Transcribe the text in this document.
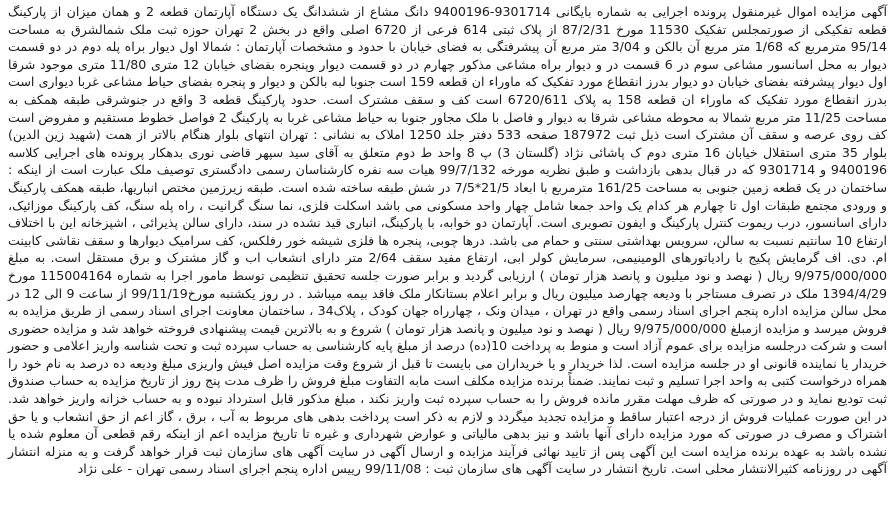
آگهی مزایده اموال غیرمنقول پرونده اجرایی به شماره بایگانی 9301714-9400196 دانگ مشاع از ششدانگ یک دستگاه آپارتمان قطعه 2 و همان میزان از پارکینگ قطعه تفکیکی از صورتمجلس تفکیک 11530 مورخ 87/2/31 از پلاک ثبتی 614 فرعی از 6720 اصلی واقع در بخش 2 تهران حوزه ثبت ملک شمالشرق به مساحت 95/14 مترمربع که 1/68 متر مربع آن بالکن و 3/04 متر مربع آن پیشرفتگی به فضای خیابان با حدود و مشخصات آپارتمان : شمالا اول دیوار براه پله دوم در دو قسمت دیوار به محل اسانسور مشاعی سوم در 6 قسمت در و دیوار براه مشاعی مذکور چهارم در دو قسمت دیوار وپنجره بفضای خیابان 12 متری 11/80 متری موجود شرقا اول دیوار پیشرفته بفضای خیابان دو دیوار بدرز انقطاع مورد تفکیک که ماوراء ان قطعه 159 است جنوبا لبه بالکن و دیوار و پنجره بفضای حیاط مشاعی غربا دیواری است بدرز انقطاع مورد تفکیک که ماوراء ان قطعه 158 به پلاک 6720/611 است کف و سقف مشترک است. حدود پارکینگ قطعه 3 واقع در جنوشرقی طبقه همکف به مساحت 11/25 متر مربع شمالا به محوطه مشاعی شرقا به دیوار و فاصل با ملک مجاور جنوبا به حیاط مشاعی غربا به پارکینگ 2 فواصل خطوط مستقیم و مفروض است کف روی عرصه و سقف آن مشترک است ذیل ثبت 187972 صفحه 533 دفتر جلد 1250 املاک به نشانی : تهران انتهای بلوار هنگام بالاتر از همت (شهید زین الدین) بلوار 35 متری استقلال خیابان 16 متری دوم ک پاشائی نژاد (گلستان 3) پ 8 واحد ط دوم متعلق به آقای سید سپهر قاضی نوری بدهکار پرونده های اجرایی کلاسه 9400196 و 9301714 که در قبال بدهی بازداشت و طبق نظریه مورخه 99/7/132 هیات سه نفره کارشناسان رسمی دادگستری توصیف ملک عبارت است از اینکه : ساختمان در یک قطعه زمین جنوبی به مساحت 161/25 مترمربع با ابعاد 21/5*7/5 در شش طبقه ساخته شده است. طبقه زیرزمین مختص انباریها، طبقه همکف پارکینگ و ورودی مجتمع طبقات اول تا چهارم هر کدام یک واحد جمعا شامل چهار واحد مسکونی می باشد اسکلت فلزی، نما سنگ گرانیت ، راه پله سنگ، کف پارکینگ موزائیک، دارای اسانسور، درب ریموت کنترل پارکینگ و ایفون تصویری است. آپارتمان دو خوابه، با پارکینگ، انباری قید نشده در سند، دارای سالن پذیرائی ، اشپزخانه این با اختلاف ارتفاع 10 سانتیم نسبت به سالن، سرویس بهداشتی سنتی و حمام می باشد. درها چوبی، پنجره ها فلزی شیشه خور رفلکس، کف سرامیک دیوارها و سقف نقاشی کابینت ام. دی. اف گرمایش پکیج با رادیاتورهای الومینیمی، سرمایش کولر ابی، ارتفاع مفید سقف 2/64 متر دارای انشعاب اب و گاز مشترک و برق مستقل است. به مبلغ 9/975/000/000 ریال ( نهصد و نود میلیون و پانصد هزار تومان ) ارزیابی گردید و برابر صورت جلسه تحقیق تنظیمی توسط مامور اجرا به شماره 115004164 مورخ 1394/4/29 ملک در تصرف مستاجر با ودیعه چهارصد میلیون ریال و برابر اعلام بستانکار ملک فاقد بیمه میباشد . در روز یکشنبه مورخ99/11/19 از ساعت 9 الی 12 در محل سالن مزایده اداره پنجم اجرای اسناد رسمی واقع در تهران ، میدان ونک ، چهارراه جهان کودک ، پلاک34 ، ساختمان معاونت اجرای اسناد رسمی از طریق مزایده به فروش میرسد و مزایده ازمبلغ 9/975/000/000 ریال ( نهصد و نود میلیون و پانصد هزار تومان ) شروع و به بالاترین قیمت پیشنهادی فروخته خواهد شد و مزایده حضوری است و شرکت درجلسه مزایده برای عموم آزاد است و منوط به پرداخت 10(ده) درصد از مبلغ پایه کارشناسی به حساب سپرده ثبت و تحت شناسه واریز اعلامی و حضور خریدار یا نماینده قانونی او در جلسه مزایده است. لذا خریدار و یا خریداران می بایست تا قبل از شروع وقت مزایده اصل فیش واریزی مبلغ ودیعه ده درصد به نام خود را همراه درخواست کتبی به واحد اجرا تسلیم و ثبت نمایند. ضمناً برنده مزایده مکلف است مابه التفاوت مبلغ فروش را ظرف مدت پنج روز از تاریخ مزایده به حساب صندوق ثبت تودیع نماید و در صورتی که ظرف مهلت مقرر مانده فروش را به حساب سپرده ثبت واریز نکند ، مبلغ مذکور قابل استرداد نبوده و به حساب خزانه واریز خواهد شد. در این صورت عملیات فروش از درجه اعتبار ساقط و مزایده تجدید میگردد و لازم به ذکر است پرداخت بدهی های مربوط به آب ، برق ، گاز اعم از حق انشعاب و یا حق اشتراک و مصرف در صورتی که مورد مزایده دارای آنها باشد و نیز بدهی مالیاتی و عوارض شهرداری و غیره تا تاریخ مزایده اعم از اینکه رقم قطعی آن معلوم شده یا نشده باشد به عهده برنده مزایده است این آگهی پس از تایید نهائی فرآیند مزایده و ارسال آگهی در سایت آگهی های سازمان ثبت قرار خواهد گرفت و به منزله انتشار آگهی در روزنامه کثیرالانتشار محلی است. تاریخ انتشار در سایت آگهی های سازمان ثبت : 99/11/08 رییس اداره پنجم اجرای اسناد رسمی تهران - علی نژاد
